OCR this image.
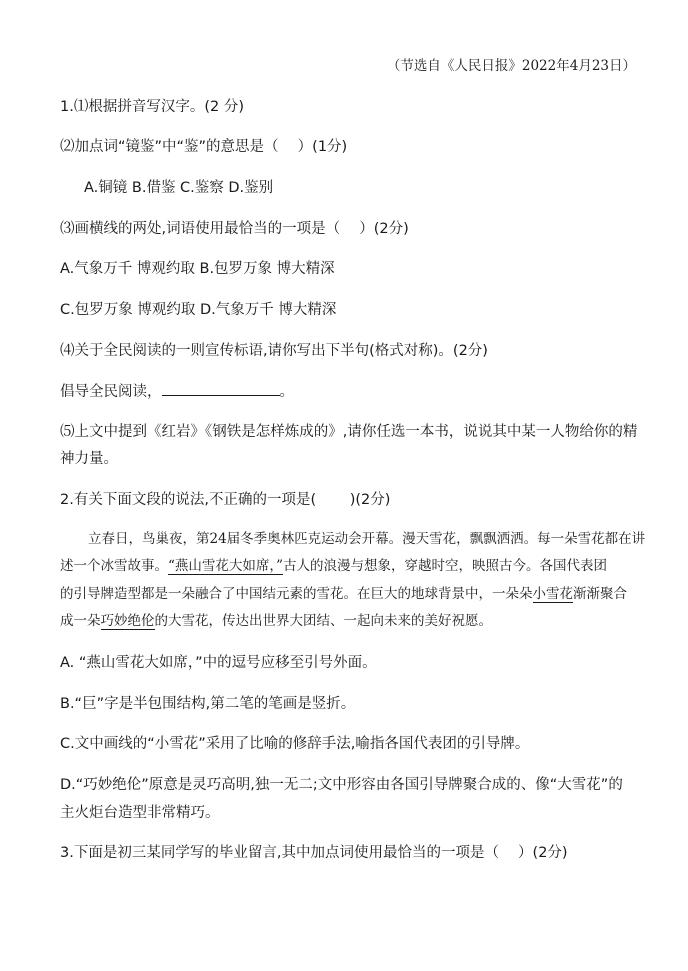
（节选自《人民日报》2022年4月23日）
1.⑴根据拼音写汉字。(2 分)
⑵加点词“镜鉴”中“鉴”的意思是（　 ）(1分)
A.铜镜 B.借鉴 C.鉴察 D.鉴别
⑶画横线的两处,词语使用最恰当的一项是（　 ）(2分)
A.气象万千 博观约取 B.包罗万象 博大精深
C.包罗万象 博观约取 D.气象万千 博大精深
⑷关于全民阅读的一则宣传标语,请你写出下半句(格式对称)。(2分)
倡导全民阅读，	。
⑸上文中提到《红岩》《钢铁是怎样炼成的》,请你任选一本书，说说其中某一人物给你的精
神力量。
2.有关下面文段的说法,不正确的一项是(　　 )(2分)
立春日，鸟巢夜，第24届冬季奥林匹克运动会开幕。漫天雪花，飘飘洒洒。每一朵雪花都在讲
述一个冰雪故事。“燕山雪花大如席，”古人的浪漫与想象，穿越时空，映照古今。各国代表团
的引导牌造型都是一朵融合了中国结元素的雪花。在巨大的地球背景中，一朵朵小雪花渐渐聚合
成一朵巧妙绝伦的大雪花，传达出世界大团结、一起向未来的美好祝愿。
A. “燕山雪花大如席，”中的逗号应移至引号外面。
B.“巨”字是半包围结构,第二笔的笔画是竖折。
C.文中画线的“小雪花”采用了比喻的修辞手法,喻指各国代表团的引导牌。
D.“巧妙绝伦”原意是灵巧高明,独一无二;文中形容由各国引导牌聚合成的、像“大雪花”的
主火炬台造型非常精巧。
3.下面是初三某同学写的毕业留言,其中加点词使用最恰当的一项是（　 ）(2分)
